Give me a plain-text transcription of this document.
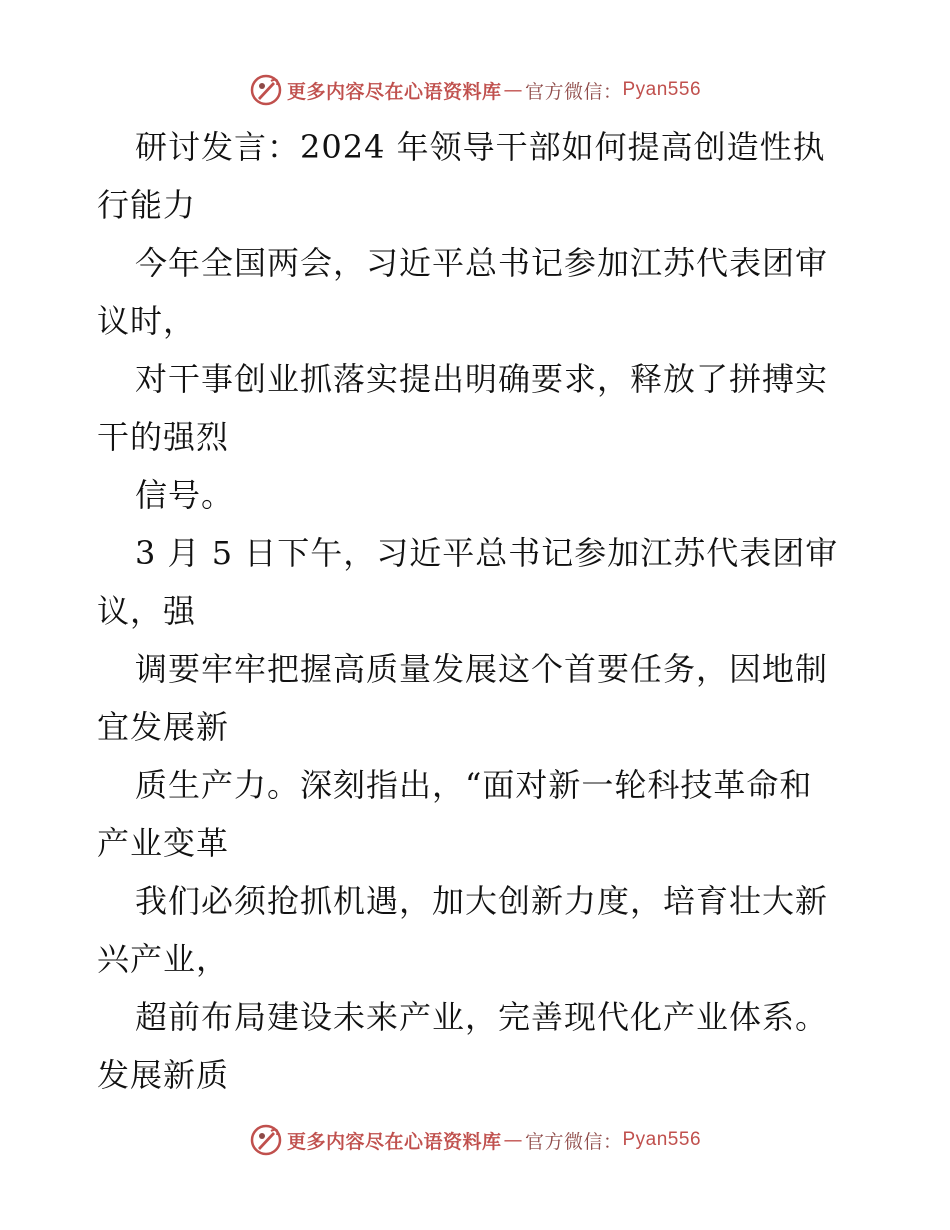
更多内容尽在心语资料库 — 官方微信： Pyan556

研讨发言：2024 年领导干部如何提高创造性执
行能力

今年全国两会，习近平总书记参加江苏代表团审
议时，

对干事创业抓落实提出明确要求，释放了拼搏实
干的强烈

信号。

3 月 5 日下午，习近平总书记参加江苏代表团审
议，强

调要牢牢把握高质量发展这个首要任务，因地制
宜发展新

质生产力。深刻指出，“面对新一轮科技革命和
产业变革

我们必须抢抓机遇，加大创新力度，培育壮大新
兴产业，

超前布局建设未来产业，完善现代化产业体系。
发展新质

更多内容尽在心语资料库 — 官方微信： Pyan556
